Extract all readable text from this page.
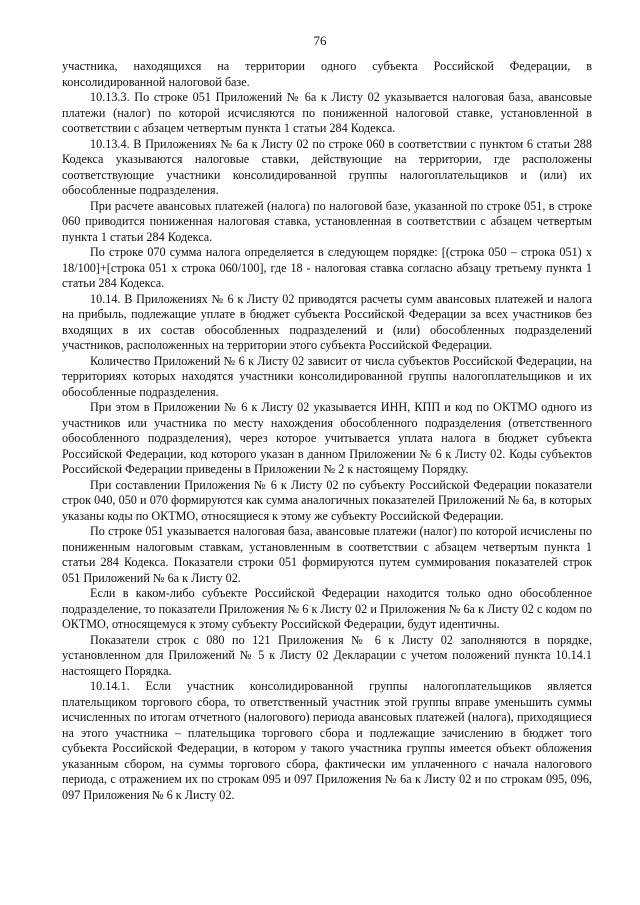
76

участника, находящихся на территории одного субъекта Российской Федерации, в консолидированной налоговой базе.

10.13.3. По строке 051 Приложений № 6а к Листу 02 указывается налоговая база, авансовые платежи (налог) по которой исчисляются по пониженной налоговой ставке, установленной в соответствии с абзацем четвертым пункта 1 статьи 284 Кодекса.

10.13.4. В Приложениях № 6а к Листу 02 по строке 060 в соответствии с пунктом 6 статьи 288 Кодекса указываются налоговые ставки, действующие на территории, где расположены соответствующие участники консолидированной группы налогоплательщиков и (или) их обособленные подразделения.

При расчете авансовых платежей (налога) по налоговой базе, указанной по строке 051, в строке 060 приводится пониженная налоговая ставка, установленная в соответствии с абзацем четвертым пункта 1 статьи 284 Кодекса.

По строке 070 сумма налога определяется в следующем порядке: [(строка 050 – строка 051) х 18/100]+[строка 051 х строка 060/100], где 18 - налоговая ставка согласно абзацу третьему пункта 1 статьи 284 Кодекса.

10.14. В Приложениях № 6 к Листу 02 приводятся расчеты сумм авансовых платежей и налога на прибыль, подлежащие уплате в бюджет субъекта Российской Федерации за всех участников без входящих в их состав обособленных подразделений и (или) обособленных подразделений участников, расположенных на территории этого субъекта Российской Федерации.

Количество Приложений № 6 к Листу 02 зависит от числа субъектов Российской Федерации, на территориях которых находятся участники консолидированной группы налогоплательщиков и их обособленные подразделения.

При этом в Приложении № 6 к Листу 02 указывается ИНН, КПП и код по ОКТМО одного из участников или участника по месту нахождения обособленного подразделения (ответственного обособленного подразделения), через которое учитывается уплата налога в бюджет субъекта Российской Федерации, код которого указан в данном Приложении № 6 к Листу 02. Коды субъектов Российской Федерации приведены в Приложении № 2 к настоящему Порядку.

При составлении Приложения № 6 к Листу 02 по субъекту Российской Федерации показатели строк 040, 050 и 070 формируются как сумма аналогичных показателей Приложений № 6а, в которых указаны коды по ОКТМО, относящиеся к этому же субъекту Российской Федерации.

По строке 051 указывается налоговая база, авансовые платежи (налог) по которой исчислены по пониженным налоговым ставкам, установленным в соответствии с абзацем четвертым пункта 1 статьи 284 Кодекса. Показатели строки 051 формируются путем суммирования показателей строк 051 Приложений № 6а к Листу 02.

Если в каком-либо субъекте Российской Федерации находится только одно обособленное подразделение, то показатели Приложения № 6 к Листу 02 и Приложения № 6а к Листу 02 с кодом по ОКТМО, относящемуся к этому субъекту Российской Федерации, будут идентичны.

Показатели строк с 080 по 121 Приложения № 6 к Листу 02 заполняются в порядке, установленном для Приложений № 5 к Листу 02 Декларации с учетом положений пункта 10.14.1 настоящего Порядка.

10.14.1. Если участник консолидированной группы налогоплательщиков является плательщиком торгового сбора, то ответственный участник этой группы вправе уменьшить суммы исчисленных по итогам отчетного (налогового) периода авансовых платежей (налога), приходящиеся на этого участника – плательщика торгового сбора и подлежащие зачислению в бюджет того субъекта Российской Федерации, в котором у такого участника группы имеется объект обложения указанным сбором, на суммы торгового сбора, фактически им уплаченного с начала налогового периода, с отражением их по строкам 095 и 097 Приложения № 6а к Листу 02 и по строкам 095, 096, 097 Приложения № 6 к Листу 02.
